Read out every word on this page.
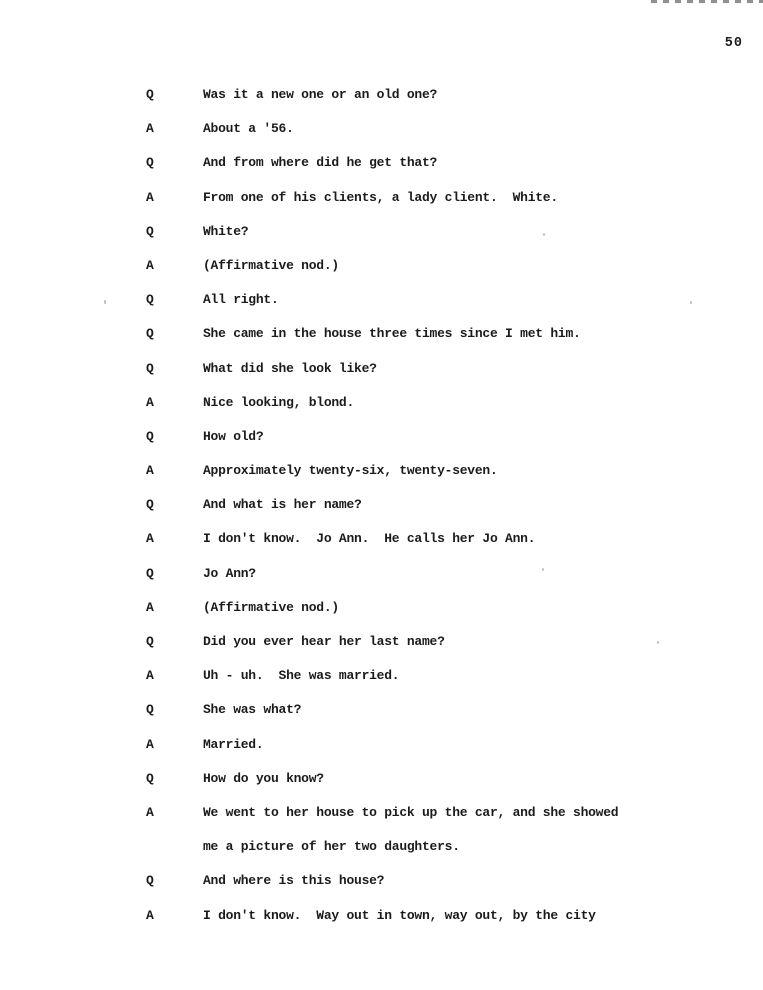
50
Q	Was it a new one or an old one?
A	About a '56.
Q	And from where did he get that?
A	From one of his clients, a lady client.  White.
Q	White?
A	(Affirmative nod.)
Q	All right.
Q	She came in the house three times since I met him.
Q	What did she look like?
A	Nice looking, blond.
Q	How old?
A	Approximately twenty-six, twenty-seven.
Q	And what is her name?
A	I don't know.  Jo Ann.  He calls her Jo Ann.
Q	Jo Ann?
A	(Affirmative nod.)
Q	Did you ever hear her last name?
A	Uh - uh.  She was married.
Q	She was what?
A	Married.
Q	How do you know?
A	We went to her house to pick up the car, and she showed
me a picture of her two daughters.
Q	And where is this house?
A	I don't know.  Way out in town, way out, by the city
